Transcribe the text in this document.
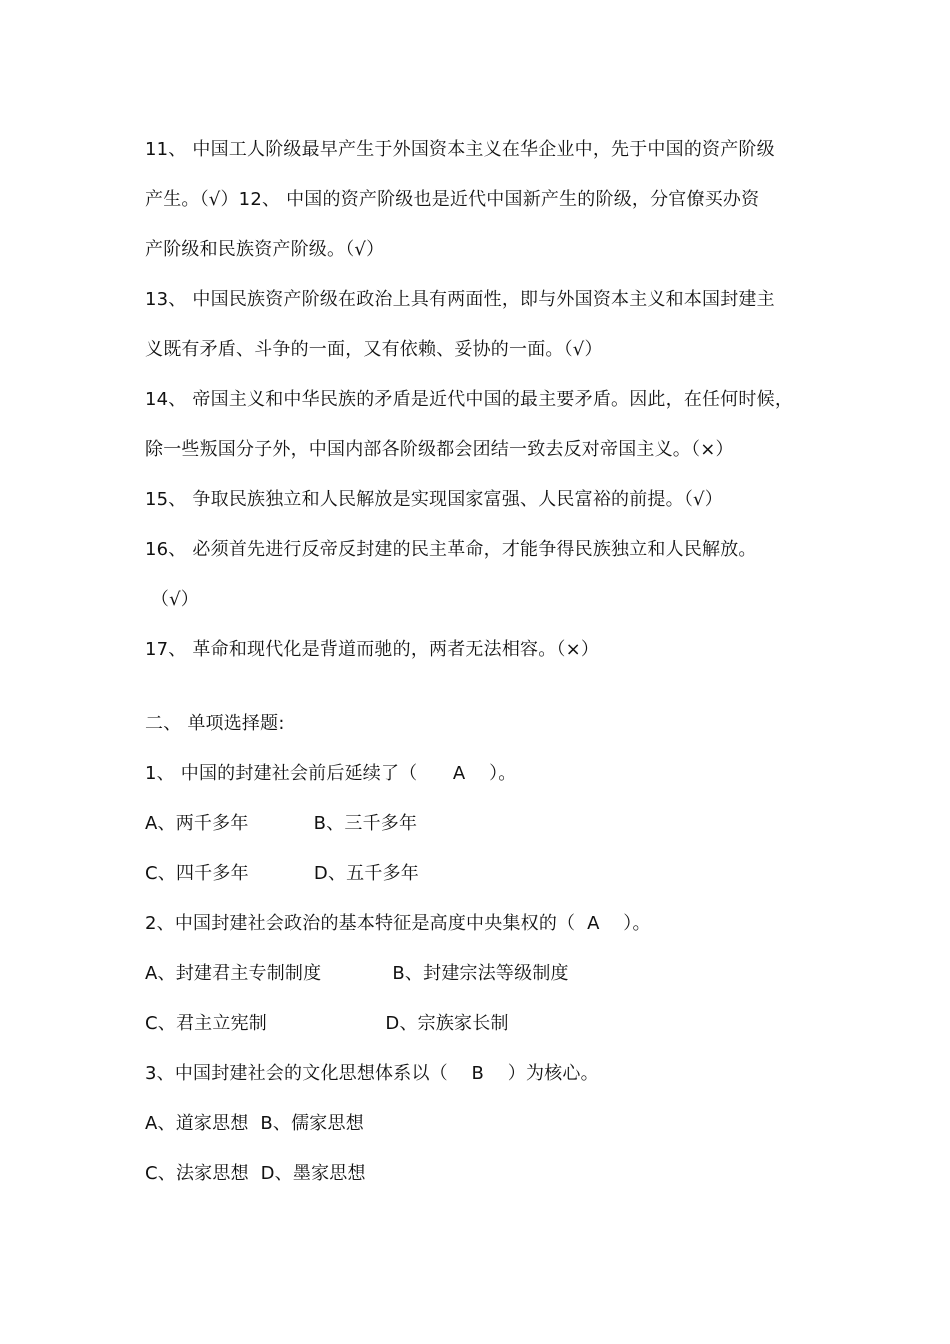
11、 中国工人阶级最早产生于外国资本主义在华企业中，先于中国的资产阶级
产生。（√）12、 中国的资产阶级也是近代中国新产生的阶级，分官僚买办资
产阶级和民族资产阶级。（√）
13、 中国民族资产阶级在政治上具有两面性，即与外国资本主义和本国封建主
义既有矛盾、斗争的一面，又有依赖、妥协的一面。（√）
14、 帝国主义和中华民族的矛盾是近代中国的最主要矛盾。因此，在任何时候，
除一些叛国分子外，中国内部各阶级都会团结一致去反对帝国主义。（×）
15、 争取民族独立和人民解放是实现国家富强、人民富裕的前提。（√）
16、 必须首先进行反帝反封建的民主革命，才能争得民族独立和人民解放。
（√）
17、 革命和现代化是背道而驰的，两者无法相容。（×）
二、 单项选择题:
1、 中国的封建社会前后延续了（      A    ）。
A、两千多年           B、三千多年
C、四千多年           D、五千多年
2、中国封建社会政治的基本特征是高度中央集权的（  A    ）。
A、封建君主专制制度            B、封建宗法等级制度
C、君主立宪制                    D、宗族家长制
3、中国封建社会的文化思想体系以（    B    ）为核心。
A、道家思想  B、儒家思想
C、法家思想  D、墨家思想
